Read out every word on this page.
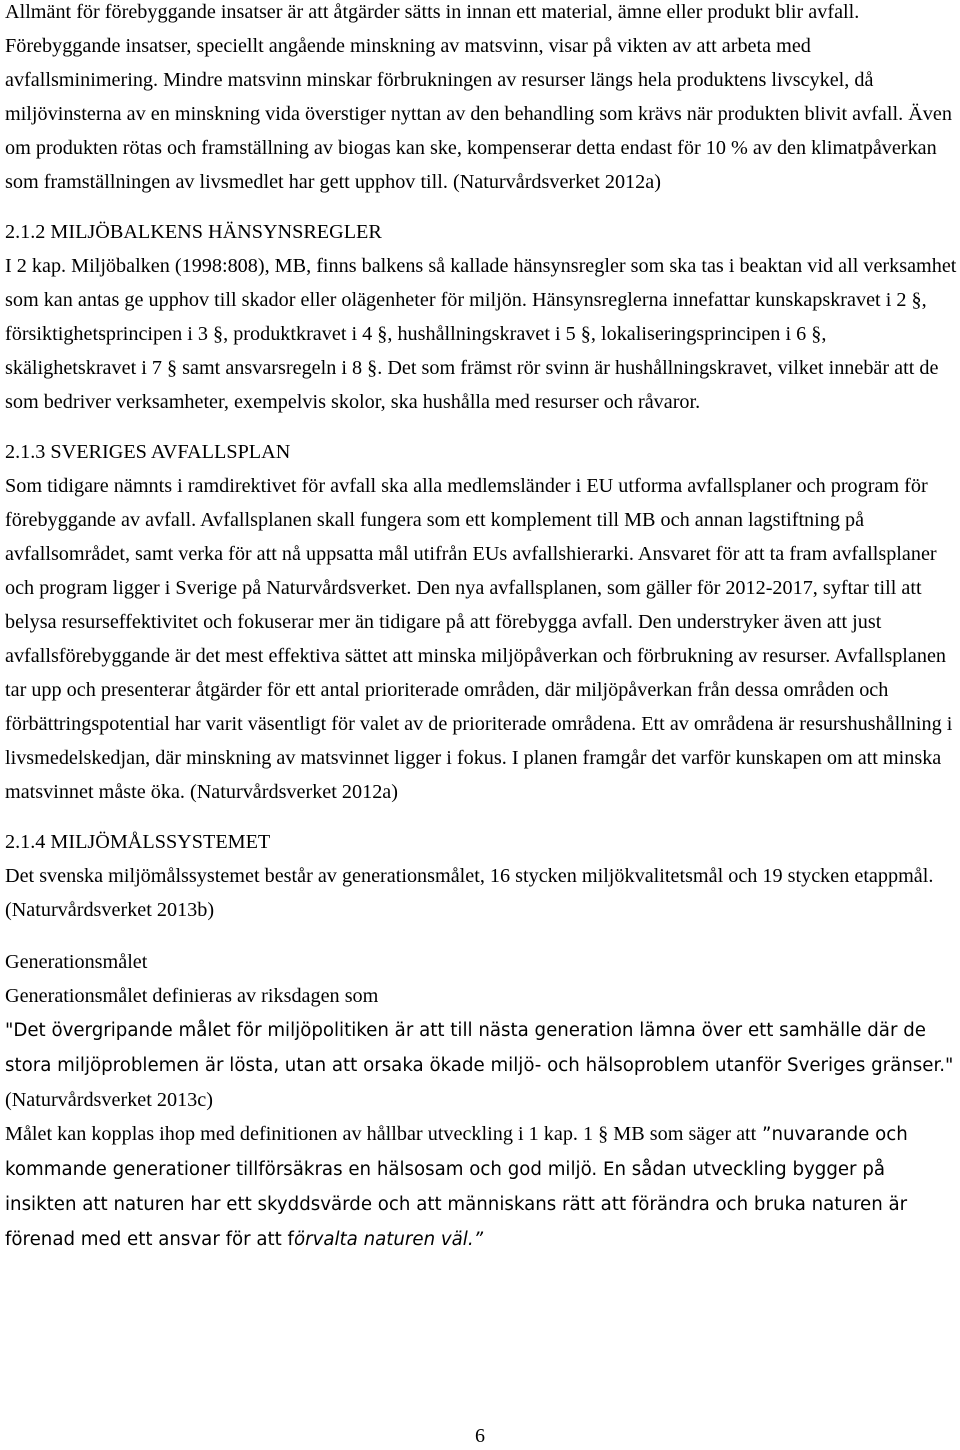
Allmänt för förebyggande insatser är att åtgärder sätts in innan ett material, ämne eller produkt blir avfall. Förebyggande insatser, speciellt angående minskning av matsvinn, visar på vikten av att arbeta med avfallsminimering. Mindre matsvinn minskar förbrukningen av resurser längs hela produktens livscykel, då miljövinsterna av en minskning vida överstiger nyttan av den behandling som krävs när produkten blivit avfall. Även om produkten rötas och framställning av biogas kan ske, kompenserar detta endast för 10 % av den klimatpåverkan som framställningen av livsmedlet har gett upphov till. (Naturvårdsverket 2012a)

2.1.2 MILJÖBALKENS HÄNSYNSREGLER

I 2 kap. Miljöbalken (1998:808), MB, finns balkens så kallade hänsynsregler som ska tas i beaktan vid all verksamhet som kan antas ge upphov till skador eller olägenheter för miljön. Hänsynsreglerna innefattar kunskapskravet i 2 §, försiktighetsprincipen i 3 §, produktkravet i 4 §, hushållningskravet i 5 §, lokaliseringsprincipen i 6 §, skälighetskravet i 7 § samt ansvarsregeln i 8 §. Det som främst rör svinn är hushållningskravet, vilket innebär att de som bedriver verksamheter, exempelvis skolor, ska hushålla med resurser och råvaror.

2.1.3 SVERIGES AVFALLSPLAN

Som tidigare nämnts i ramdirektivet för avfall ska alla medlemsländer i EU utforma avfallsplaner och program för förebyggande av avfall. Avfallsplanen skall fungera som ett komplement till MB och annan lagstiftning på avfallsområdet, samt verka för att nå uppsatta mål utifrån EUs avfallshierarki. Ansvaret för att ta fram avfallsplaner och program ligger i Sverige på Naturvårdsverket. Den nya avfallsplanen, som gäller för 2012-2017, syftar till att belysa resurseffektivitet och fokuserar mer än tidigare på att förebygga avfall. Den understryker även att just avfallsförebyggande är det mest effektiva sättet att minska miljöpåverkan och förbrukning av resurser. Avfallsplanen tar upp och presenterar åtgärder för ett antal prioriterade områden, där miljöpåverkan från dessa områden och förbättringspotential har varit väsentligt för valet av de prioriterade områdena. Ett av områdena är resurshushållning i livsmedelskedjan, där minskning av matsvinnet ligger i fokus. I planen framgår det varför kunskapen om att minska matsvinnet måste öka. (Naturvårdsverket 2012a)

2.1.4 MILJÖMÅLSSYSTEMET

Det svenska miljömålssystemet består av generationsmålet, 16 stycken miljökvalitetsmål och 19 stycken etappmål. (Naturvårdsverket 2013b)

Generationsmålet

Generationsmålet definieras av riksdagen som

"Det övergripande målet för miljöpolitiken är att till nästa generation lämna över ett samhälle där de stora miljöproblemen är lösta, utan att orsaka ökade miljö- och hälsoproblem utanför Sveriges gränser." (Naturvårdsverket 2013c)

Målet kan kopplas ihop med definitionen av hållbar utveckling i 1 kap. 1 § MB som säger att ”nuvarande och kommande generationer tillförsäkras en hälsosam och god miljö. En sådan utveckling bygger på insikten att naturen har ett skyddsvärde och att människans rätt att förändra och bruka naturen är förenad med ett ansvar för att förvalta naturen väl.”

6
